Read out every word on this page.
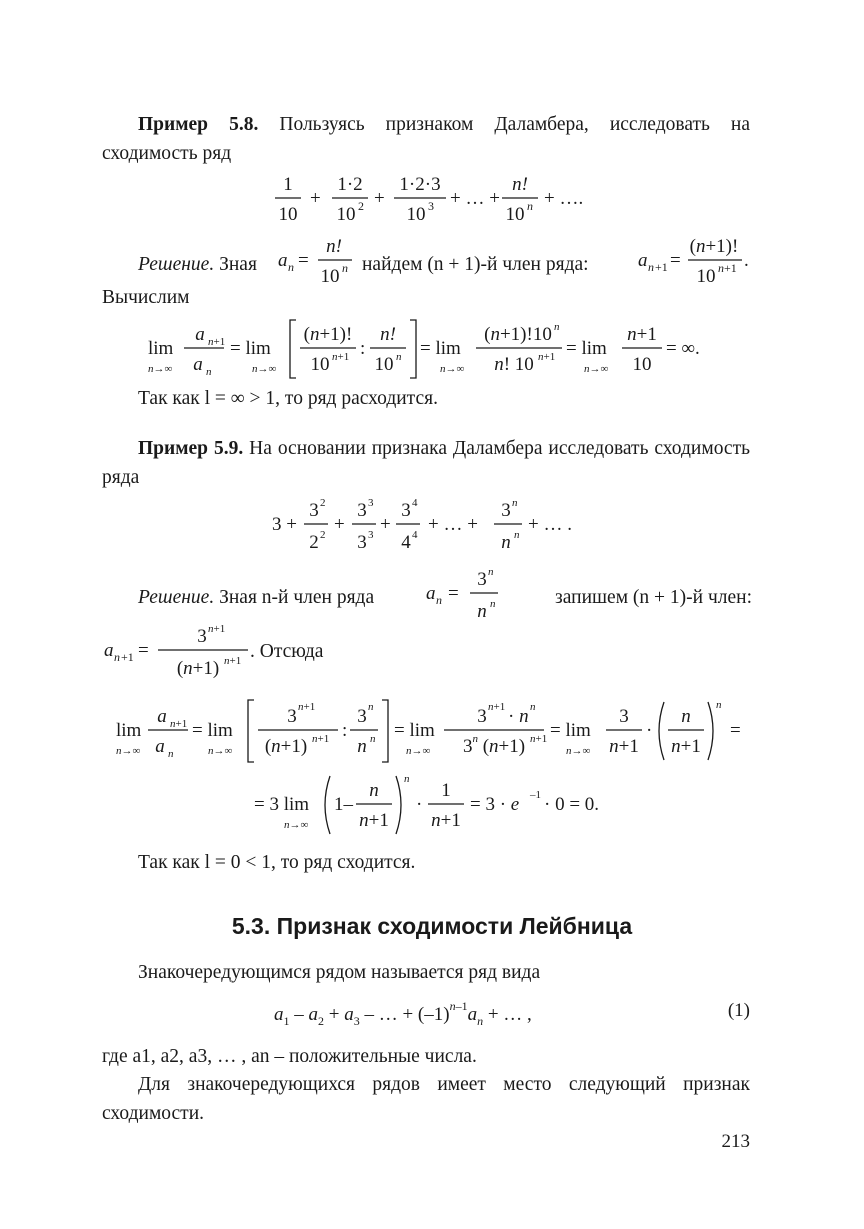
Пример 5.8. Пользуясь признаком Даламбера, исследовать на сходимость ряд
1
10
+
1·2
10 2 +
1·2·3
10 3 + … +
n!
10 n + ….
Решение. Зная	a n =
n!
10 n найдем (n + 1)-й член ряда:	a n +1 =
(n+1)!
10 n+1 .
Вычислим
lim
n→∞
a n+1
a n
= lim
n→∞
(n+1)!
10 n+1 :
n!
10 n = lim
n→∞
(n+1)!10 n
n! 10 n+1 = lim
n→∞
n+1
10
= ∞.
Так как l = ∞ > 1, то ряд расходится.
Пример 5.9. На основании признака Даламбера исследовать сходимость ряда
3 +
3 2
2 2 +
3 3
3 3 +
3 4
4 4 + … +
3 n
n n + … .
Решение. Зная n-й член ряда	a n =
3 n
n n	запишем (n + 1)-й член:
a n +1 =
3 n+1
(n+1) n+1 . Отсюда
lim
n→∞
a n+1
a n
= lim
n→∞
3 n+1
(n+1) n+1 :
3 n
n n = lim
n→∞
3 n+1 · n n
3$^n$ (n+1) n+1 = lim
n→∞
3
n+1
·
n
n+1
n
=
= 3 lim
n→∞
1–
n
n+1
n
·
1
n+1
= 3 · e –1 · 0 = 0.
Так как l = 0 < 1, то ряд сходится.
5.3. Признак сходимости Лейбница
Знакочередующимся рядом называется ряд вида
$a_1 - a_2 + a_3$ – … + $(-1)^{n-1}a_n$ + … ,	(1)
где a1, a2, a3, … , an – положительные числа.
Для знакочередующихся рядов имеет место следующий признак сходимости.
213
